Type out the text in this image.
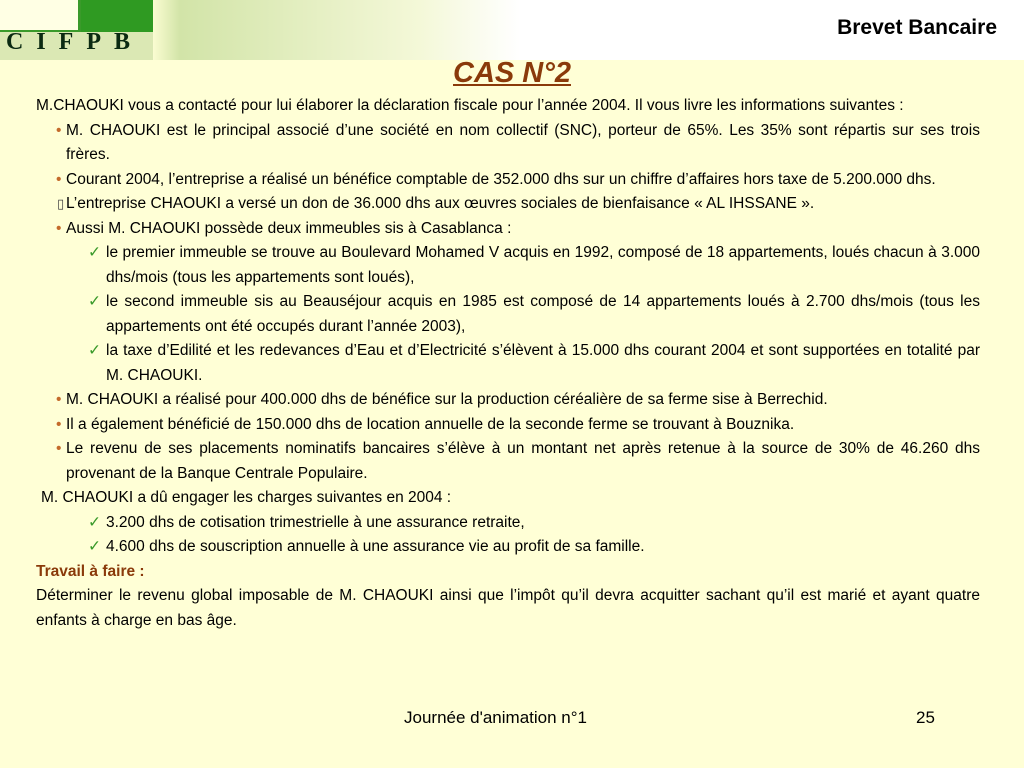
CIFPB
Brevet Bancaire
CAS N°2

M.CHAOUKI vous a contacté pour lui élaborer la déclaration fiscale pour l’année 2004. Il vous livre les informations suivantes :

• M. CHAOUKI est le principal associé d’une société en nom collectif (SNC), porteur de 65%. Les 35% sont répartis sur ses trois frères.
• Courant 2004, l’entreprise a réalisé un bénéfice comptable de 352.000 dhs sur un chiffre d’affaires hors taxe de 5.200.000 dhs.
▯ L’entreprise CHAOUKI a versé un don de 36.000 dhs aux œuvres sociales de bienfaisance « AL IHSSANE ».
• Aussi M. CHAOUKI possède deux immeubles sis à Casablanca :
✓ le premier immeuble se trouve au Boulevard Mohamed V acquis en 1992, composé de 18 appartements, loués chacun à 3.000 dhs/mois (tous les appartements sont loués),
✓ le second immeuble sis au Beauséjour acquis en 1985 est composé de 14 appartements loués à 2.700 dhs/mois (tous les appartements ont été occupés durant l’année 2003),
✓ la taxe d’Edilité et les redevances d’Eau et d’Electricité s’élèvent à 15.000 dhs courant 2004 et sont supportées en totalité par M. CHAOUKI.
• M. CHAOUKI a réalisé pour 400.000 dhs de bénéfice sur la production céréalière de sa ferme sise à Berrechid.
• Il a également bénéficié de 150.000 dhs de location annuelle de la seconde ferme se trouvant à Bouznika.
• Le revenu de ses placements nominatifs bancaires s’élève à un montant net après retenue à la source de 30% de 46.260 dhs provenant de la Banque Centrale Populaire.

M. CHAOUKI a dû engager les charges suivantes en 2004 :

✓ 3.200 dhs de cotisation trimestrielle à une assurance retraite,
✓ 4.600 dhs de souscription annuelle à une assurance vie au profit de sa famille.

Travail à faire :

Déterminer le revenu global imposable de M. CHAOUKI ainsi que l’impôt qu’il devra acquitter sachant qu’il est marié et ayant quatre enfants à charge en bas âge.

Journée d'animation n°1	25
